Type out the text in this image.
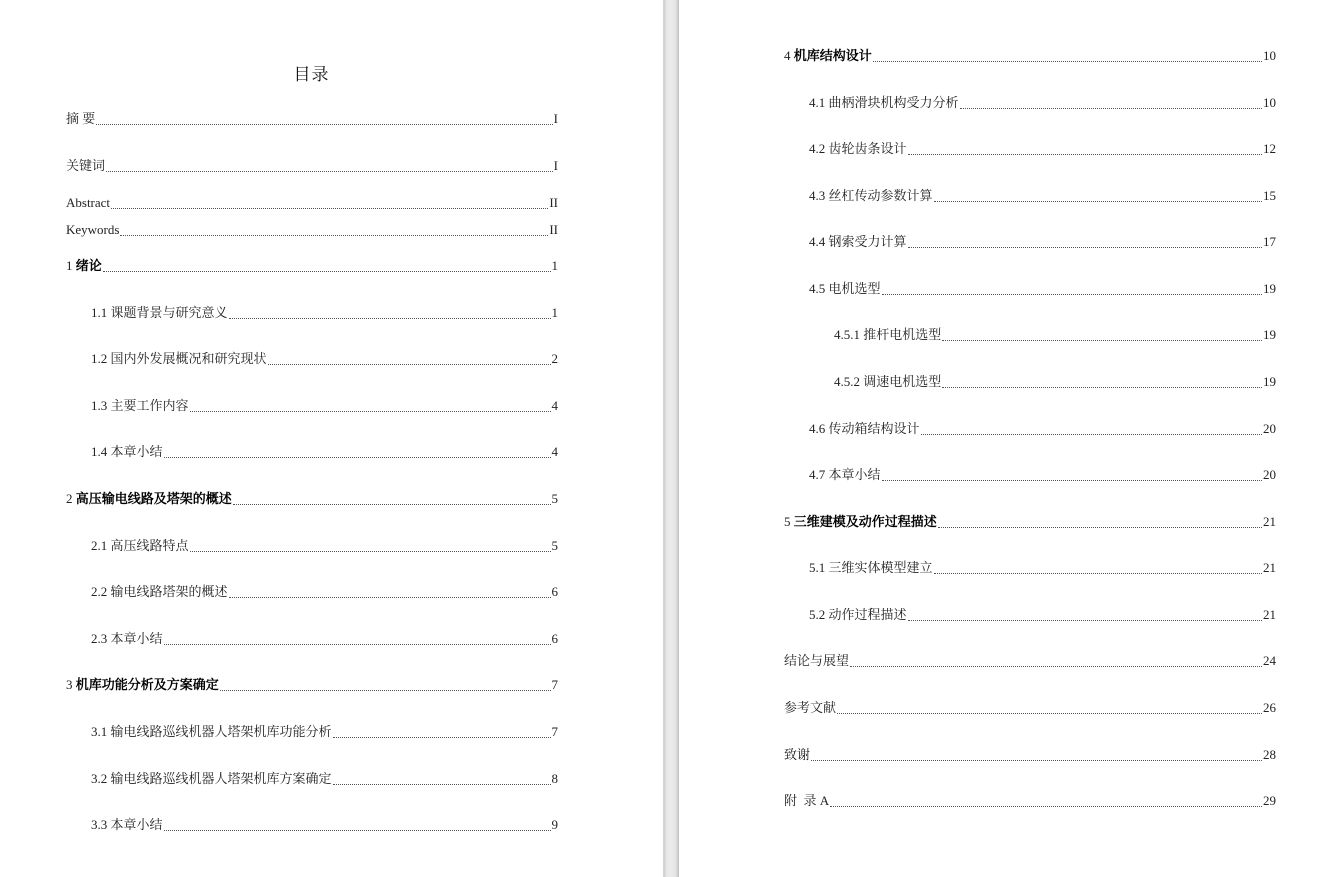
目录
摘 要	I
关键词	I
Abstract	II
Keywords	II
1 绪论	1
1.1 课题背景与研究意义	1
1.2 国内外发展概况和研究现状	2
1.3 主要工作内容	4
1.4 本章小结	4
2 高压输电线路及塔架的概述	5
2.1 高压线路特点	5
2.2 输电线路塔架的概述	6
2.3 本章小结	6
3 机库功能分析及方案确定	7
3.1 输电线路巡线机器人塔架机库功能分析	7
3.2 输电线路巡线机器人塔架机库方案确定	8
3.3 本章小结	9
4 机库结构设计	10
4.1 曲柄滑块机构受力分析	10
4.2 齿轮齿条设计	12
4.3 丝杠传动参数计算	15
4.4 钢索受力计算	17
4.5 电机选型	19
4.5.1 推杆电机选型	19
4.5.2 调速电机选型	19
4.6 传动箱结构设计	20
4.7 本章小结	20
5 三维建模及动作过程描述	21
5.1 三维实体模型建立	21
5.2 动作过程描述	21
结论与展望	24
参考文献	26
致谢	28
附  录 A	29
